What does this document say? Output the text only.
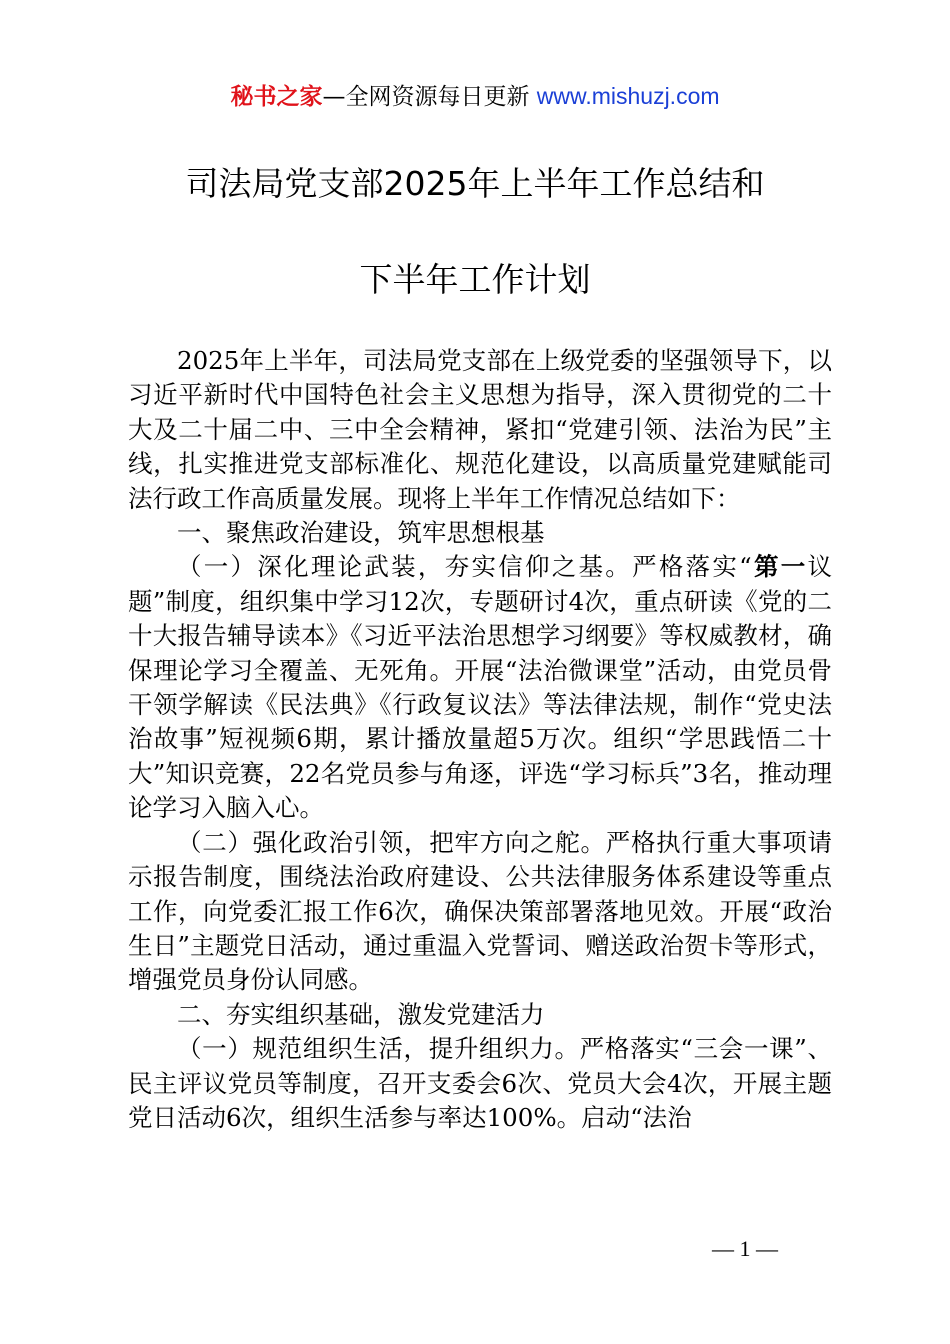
秘书之家—全网资源每日更新 www.mishuzj.com
司法局党支部2025年上半年工作总结和
下半年工作计划

2025年上半年，司法局党支部在上级党委的坚强领导下，以习近平新时代中国特色社会主义思想为指导，深入贯彻党的二十大及二十届二中、三中全会精神，紧扣“党建引领、法治为民”主线，扎实推进党支部标准化、规范化建设，以高质量党建赋能司法行政工作高质量发展。现将上半年工作情况总结如下：

一、聚焦政治建设，筑牢思想根基

（一）深化理论武装，夯实信仰之基。严格落实“第一议题”制度，组织集中学习12次，专题研讨4次，重点研读《党的二十大报告辅导读本》《习近平法治思想学习纲要》等权威教材，确保理论学习全覆盖、无死角。开展“法治微课堂”活动，由党员骨干领学解读《民法典》《行政复议法》等法律法规，制作“党史法治故事”短视频6期，累计播放量超5万次。组织“学思践悟二十大”知识竞赛，22名党员参与角逐，评选“学习标兵”3名，推动理论学习入脑入心。

（二）强化政治引领，把牢方向之舵。严格执行重大事项请示报告制度，围绕法治政府建设、公共法律服务体系建设等重点工作，向党委汇报工作6次，确保决策部署落地见效。开展“政治生日”主题党日活动，通过重温入党誓词、赠送政治贺卡等形式，增强党员身份认同感。

二、夯实组织基础，激发党建活力

（一）规范组织生活，提升组织力。严格落实“三会一课”、民主评议党员等制度，召开支委会6次、党员大会4次，开展主题党日活动6次，组织生活参与率达100%。启动“法治

— 1 —
